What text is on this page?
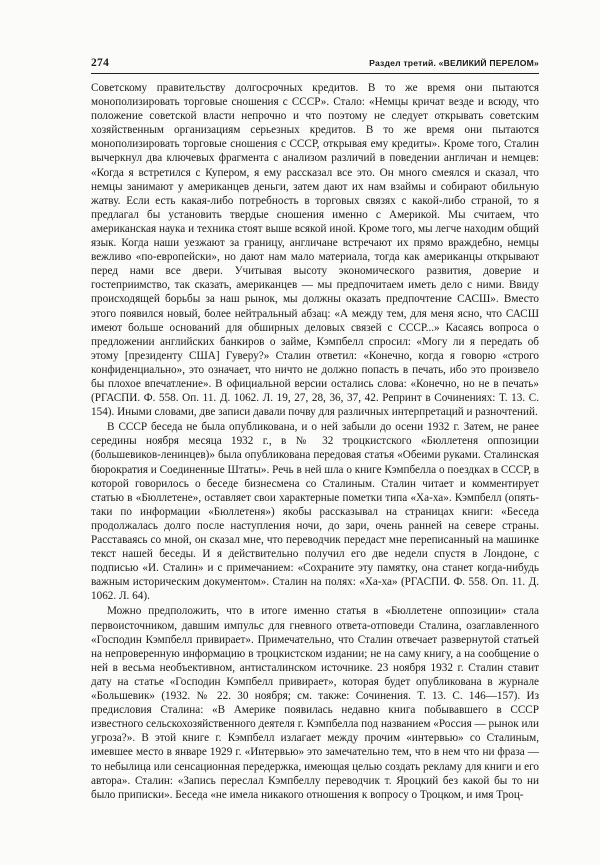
274	Раздел третий. «ВЕЛИКИЙ ПЕРЕЛОМ»

Советскому правительству долгосрочных кредитов. В то же время они пытаются монополизировать торговые сношения с СССР». Стало: «Немцы кричат везде и всюду, что положение советской власти непрочно и что поэтому не следует открывать советским хозяйственным организациям серьезных кредитов. В то же время они пытаются монополизировать торговые сношения с СССР, открывая ему кредиты». Кроме того, Сталин вычеркнул два ключевых фрагмента с анализом различий в поведении англичан и немцев: «Когда я встретился с Купером, я ему рассказал все это. Он много смеялся и сказал, что немцы занимают у американцев деньги, затем дают их нам взаймы и собирают обильную жатву. Если есть какая-либо потребность в торговых связях с какой-либо страной, то я предлагал бы установить твердые сношения именно с Америкой. Мы считаем, что американская наука и техника стоят выше всякой иной. Кроме того, мы легче находим общий язык. Когда наши уезжают за границу, англичане встречают их прямо враждебно, немцы вежливо «по-европейски», но дают нам мало материала, тогда как американцы открывают перед нами все двери. Учитывая высоту экономического развития, доверие и гостеприимство, так сказать, американцев — мы предпочитаем иметь дело с ними. Ввиду происходящей борьбы за наш рынок, мы должны оказать предпочтение САСШ». Вместо этого появился новый, более нейтральный абзац: «А между тем, для меня ясно, что САСШ имеют больше оснований для обширных деловых связей с СССР...» Касаясь вопроса о предложении английских банкиров о займе, Кэмпбелл спросил: «Могу ли я передать об этому [президенту США] Гуверу?» Сталин ответил: «Конечно, когда я говорю «строго конфиденциально», это означает, что ничто не должно попасть в печать, ибо это произвело бы плохое впечатление». В официальной версии остались слова: «Конечно, но не в печать» (РГАСПИ. Ф. 558. Оп. 11. Д. 1062. Л. 19, 27, 28, 36, 37, 42. Репринт в Сочинениях: Т. 13. С. 154). Иными словами, две записи давали почву для различных интерпретаций и разночтений.

В СССР беседа не была опубликована, и о ней забыли до осени 1932 г. Затем, не ранее середины ноября месяца 1932 г., в № 32 троцкистского «Бюллетеня оппозиции (большевиков-ленинцев)» была опубликована передовая статья «Обеими руками. Сталинская бюрократия и Соединенные Штаты». Речь в ней шла о книге Кэмпбелла о поездках в СССР, в которой говорилось о беседе бизнесмена со Сталиным. Сталин читает и комментирует статью в «Бюллетене», оставляет свои характерные пометки типа «Ха-ха». Кэмпбелл (опять-таки по информации «Бюллетеня») якобы рассказывал на страницах книги: «Беседа продолжалась долго после наступления ночи, до зари, очень ранней на севере страны. Расставаясь со мной, он сказал мне, что переводчик передаст мне переписанный на машинке текст нашей беседы. И я действительно получил его две недели спустя в Лондоне, с подписью «И. Сталин» и с примечанием: «Сохраните эту памятку, она станет когда-нибудь важным историческим документом». Сталин на полях: «Ха-ха» (РГАСПИ. Ф. 558. Оп. 11. Д. 1062. Л. 64).

Можно предположить, что в итоге именно статья в «Бюллетене оппозиции» стала первоисточником, давшим импульс для гневного ответа-отповеди Сталина, озаглавленного «Господин Кэмпбелл привирает». Примечательно, что Сталин отвечает развернутой статьей на непроверенную информацию в троцкистском издании; не на саму книгу, а на сообщение о ней в весьма необъективном, антисталинском источнике. 23 ноября 1932 г. Сталин ставит дату на статье «Господин Кэмпбелл привирает», которая будет опубликована в журнале «Большевик» (1932. № 22. 30 ноября; см. также: Сочинения. Т. 13. С. 146—157). Из предисловия Сталина: «В Америке появилась недавно книга побывавшего в СССР известного сельскохозяйственного деятеля г. Кэмпбелла под названием «Россия — рынок или угроза?». В этой книге г. Кэмпбелл излагает между прочим «интервью» со Сталиным, имевшее место в январе 1929 г. «Интервью» это замечательно тем, что в нем что ни фраза — то небылица или сенсационная передержка, имеющая целью создать рекламу для книги и его автора». Сталин: «Запись переслал Кэмпбеллу переводчик т. Яроцкий без какой бы то ни было приписки». Беседа «не имела никакого отношения к вопросу о Троцком, и имя Троц-
